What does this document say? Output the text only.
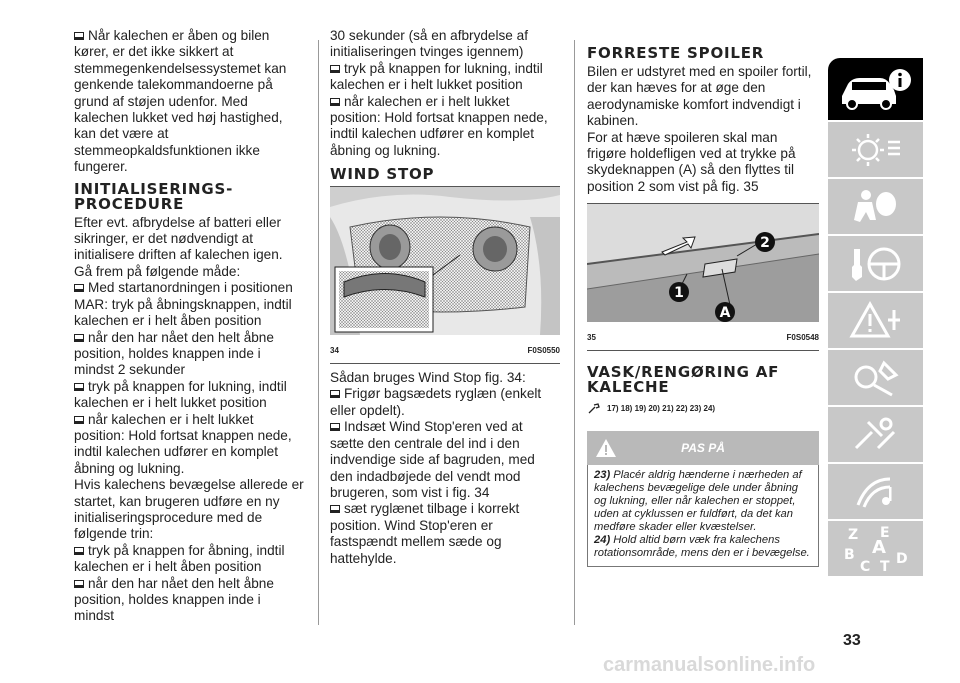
Når kalechen er åben og bilen kører, er det ikke sikkert at stemmegenkendelsessystemet kan genkende talekommandoerne på grund af støjen udenfor. Med kalechen lukket ved høj hastighed, kan det være at stemmeopkaldsfunktionen ikke fungerer.

INITIALISERINGS-PROCEDURE

Efter evt. afbrydelse af batteri eller sikringer, er det nødvendigt at initialisere driften af kalechen igen.

Gå frem på følgende måde:

Med startanordningen i positionen MAR: tryk på åbningsknappen, indtil kalechen er i helt åben position

når den har nået den helt åbne position, holdes knappen inde i mindst 2 sekunder

tryk på knappen for lukning, indtil kalechen er i helt lukket position

når kalechen er i helt lukket position: Hold fortsat knappen nede, indtil kalechen udfører en komplet åbning og lukning.

Hvis kalechens bevægelse allerede er startet, kan brugeren udføre en ny initialiseringsprocedure med de følgende trin:

tryk på knappen for åbning, indtil kalechen er i helt åben position

når den har nået den helt åbne position, holdes knappen inde i mindst

30 sekunder (så en afbrydelse af initialiseringen tvinges igennem)

tryk på knappen for lukning, indtil kalechen er i helt lukket position

når kalechen er i helt lukket position: Hold fortsat knappen nede, indtil kalechen udfører en komplet åbning og lukning.

WIND STOP
34	F0S0550

Sådan bruges Wind Stop fig. 34:

Frigør bagsædets ryglæn (enkelt eller opdelt).

Indsæt Wind Stop'eren ved at sætte den centrale del ind i den indvendige side af bagruden, med den indadbøjede del vendt mod brugeren, som vist i fig. 34

sæt ryglænet tilbage i korrekt position. Wind Stop'eren er fastspændt mellem sæde og hattehylde.

FORRESTE SPOILER

Bilen er udstyret med en spoiler fortil, der kan hæves for at øge den aerodynamiske komfort indvendigt i kabinen.

For at hæve spoileren skal man frigøre holdefligen ved at trykke på skydeknappen (A) så den flyttes til position 2 som vist på fig. 35

1
2
A
35	F0S0548
VASK/RENGØRING AF KALECHE
17) 18) 19) 20) 21) 22) 23) 24)
PAS PÅ

23) Placér aldrig hænderne i nærheden af kalechens bevægelige dele under åbning og lukning, eller når kalechen er stoppet, uden at cyklussen er fuldført, da det kan medføre skader eller kvæstelser.

24) Hold altid børn væk fra kalechens rotationsområde, mens den er i bevægelse.

Z E
B A
C T D
33
carmanualsonline.info
